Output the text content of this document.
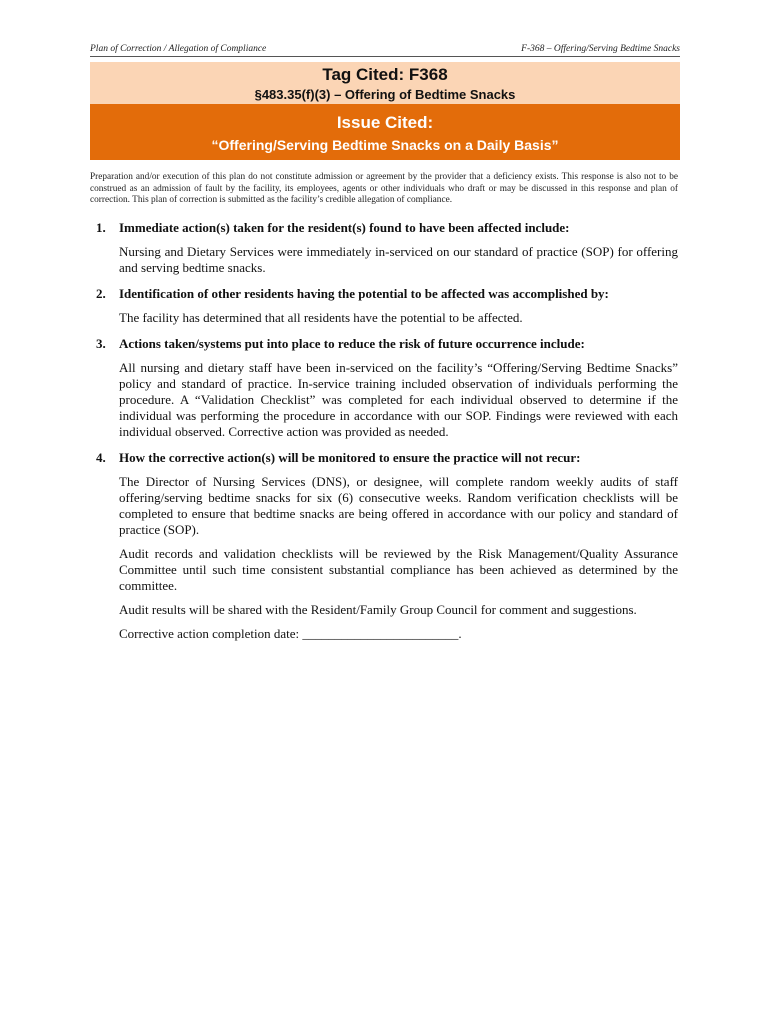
Plan of Correction / Allegation of Compliance	F-368 – Offering/Serving Bedtime Snacks
Tag Cited: F368
§483.35(f)(3) – Offering of Bedtime Snacks
Issue Cited:
“Offering/Serving Bedtime Snacks on a Daily Basis”
Preparation and/or execution of this plan do not constitute admission or agreement by the provider that a deficiency exists. This response is also not to be construed as an admission of fault by the facility, its employees, agents or other individuals who draft or may be discussed in this response and plan of correction. This plan of correction is submitted as the facility’s credible allegation of compliance.
1.	Immediate action(s) taken for the resident(s) found to have been affected include:
Nursing and Dietary Services were immediately in-serviced on our standard of practice (SOP) for offering and serving bedtime snacks.
2.	Identification of other residents having the potential to be affected was accomplished by:
The facility has determined that all residents have the potential to be affected.
3.	Actions taken/systems put into place to reduce the risk of future occurrence include:
All nursing and dietary staff have been in-serviced on the facility’s “Offering/Serving Bedtime Snacks” policy and standard of practice. In-service training included observation of individuals performing the procedure. A “Validation Checklist” was completed for each individual observed to determine if the individual was performing the procedure in accordance with our SOP. Findings were reviewed with each individual observed. Corrective action was provided as needed.
4.	How the corrective action(s) will be monitored to ensure the practice will not recur:
The Director of Nursing Services (DNS), or designee, will complete random weekly audits of staff offering/serving bedtime snacks for six (6) consecutive weeks. Random verification checklists will be completed to ensure that bedtime snacks are being offered in accordance with our policy and standard of practice (SOP).
Audit records and validation checklists will be reviewed by the Risk Management/Quality Assurance Committee until such time consistent substantial compliance has been achieved as determined by the committee.
Audit results will be shared with the Resident/Family Group Council for comment and suggestions.
Corrective action completion date: ________________________.
